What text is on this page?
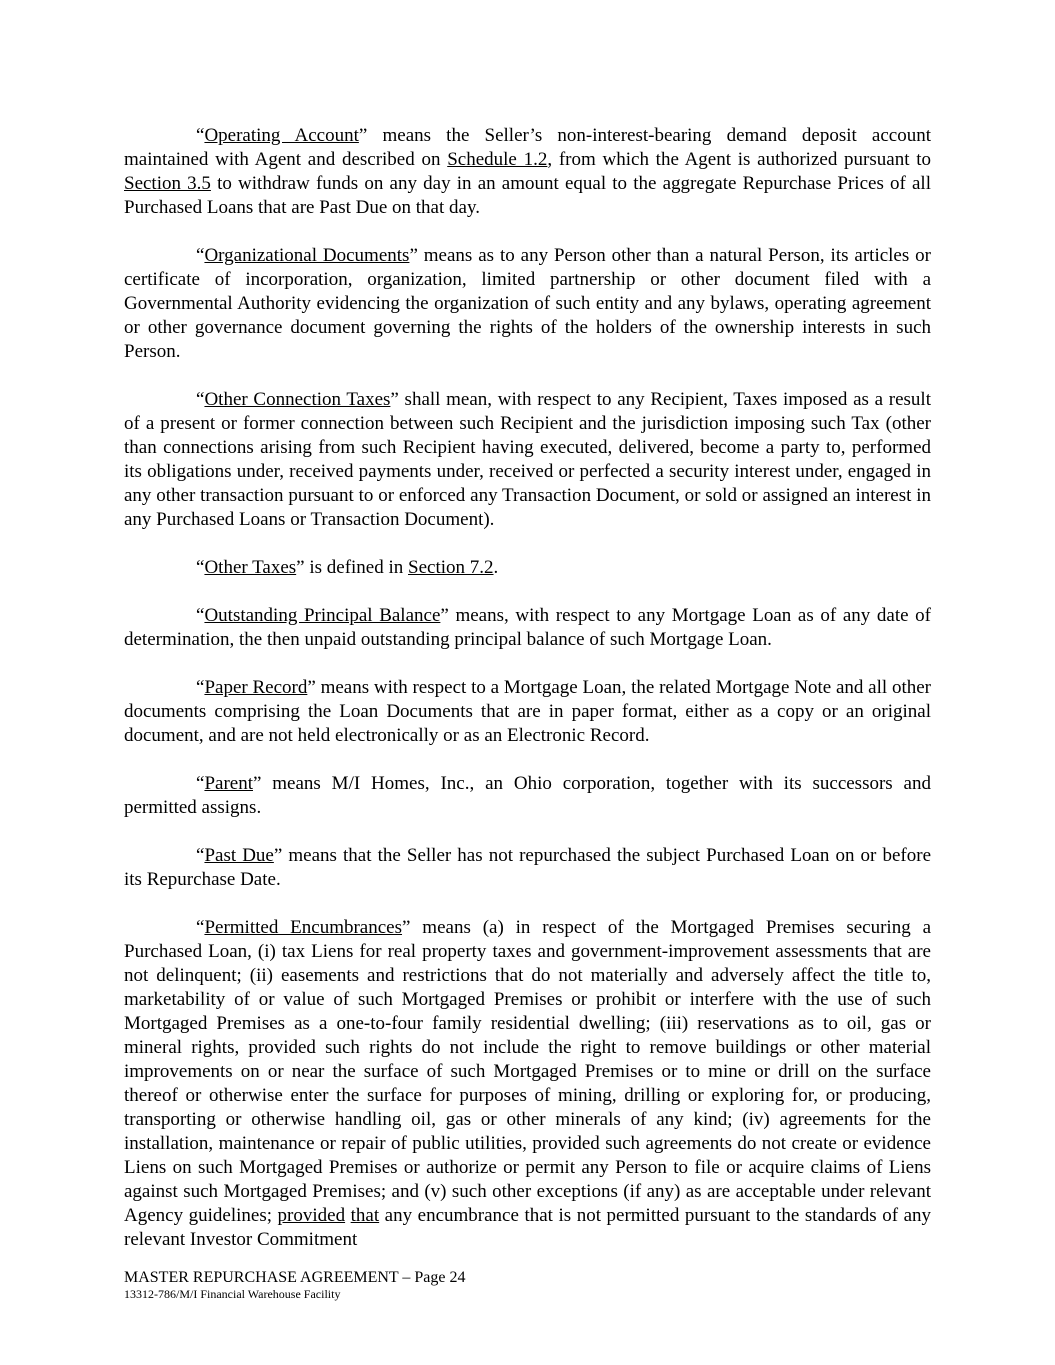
“Operating Account” means the Seller’s non-interest-bearing demand deposit account maintained with Agent and described on Schedule 1.2, from which the Agent is authorized pursuant to Section 3.5 to withdraw funds on any day in an amount equal to the aggregate Repurchase Prices of all Purchased Loans that are Past Due on that day.

“Organizational Documents” means as to any Person other than a natural Person, its articles or certificate of incorporation, organization, limited partnership or other document filed with a Governmental Authority evidencing the organization of such entity and any bylaws, operating agreement or other governance document governing the rights of the holders of the ownership interests in such Person.

“Other Connection Taxes” shall mean, with respect to any Recipient, Taxes imposed as a result of a present or former connection between such Recipient and the jurisdiction imposing such Tax (other than connections arising from such Recipient having executed, delivered, become a party to, performed its obligations under, received payments under, received or perfected a security interest under, engaged in any other transaction pursuant to or enforced any Transaction Document, or sold or assigned an interest in any Purchased Loans or Transaction Document).

“Other Taxes” is defined in Section 7.2.

“Outstanding Principal Balance” means, with respect to any Mortgage Loan as of any date of determination, the then unpaid outstanding principal balance of such Mortgage Loan.

“Paper Record” means with respect to a Mortgage Loan, the related Mortgage Note and all other documents comprising the Loan Documents that are in paper format, either as a copy or an original document, and are not held electronically or as an Electronic Record.

“Parent” means M/I Homes, Inc., an Ohio corporation, together with its successors and permitted assigns.

“Past Due” means that the Seller has not repurchased the subject Purchased Loan on or before its Repurchase Date.

“Permitted Encumbrances” means (a) in respect of the Mortgaged Premises securing a Purchased Loan, (i) tax Liens for real property taxes and government-improvement assessments that are not delinquent; (ii) easements and restrictions that do not materially and adversely affect the title to, marketability of or value of such Mortgaged Premises or prohibit or interfere with the use of such Mortgaged Premises as a one-to-four family residential dwelling; (iii) reservations as to oil, gas or mineral rights, provided such rights do not include the right to remove buildings or other material improvements on or near the surface of such Mortgaged Premises or to mine or drill on the surface thereof or otherwise enter the surface for purposes of mining, drilling or exploring for, or producing, transporting or otherwise handling oil, gas or other minerals of any kind; (iv) agreements for the installation, maintenance or repair of public utilities, provided such agreements do not create or evidence Liens on such Mortgaged Premises or authorize or permit any Person to file or acquire claims of Liens against such Mortgaged Premises; and (v) such other exceptions (if any) as are acceptable under relevant Agency guidelines; provided that any encumbrance that is not permitted pursuant to the standards of any relevant Investor Commitment

MASTER REPURCHASE AGREEMENT – Page 24

13312-786/M/I Financial Warehouse Facility
